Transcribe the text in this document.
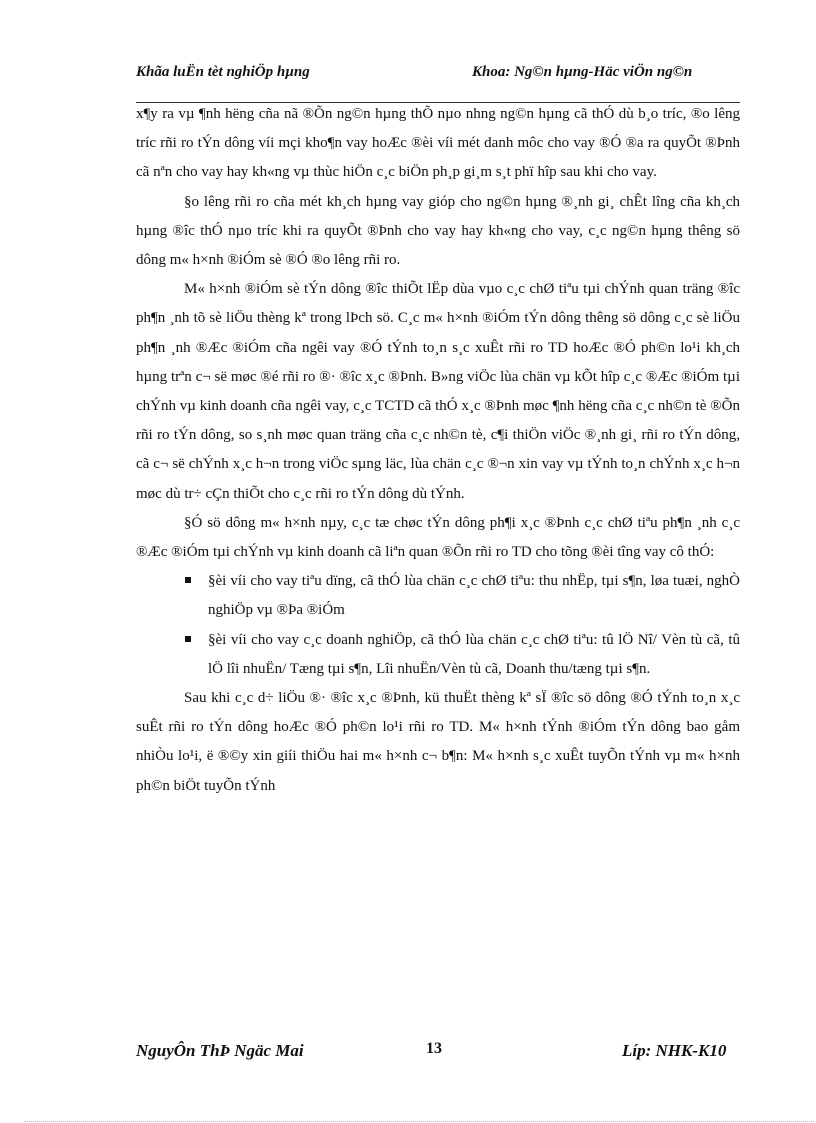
Khãa luËn tèt nghiÖp hµng	Khoa: Ng©n hµng-Häc viÖn ng©n

x¶y ra vµ ¶nh hëng cña nã ®Õn ng©n hµng thÕ nµo nhng ng©n hµng cã thÓ dù b¸o tríc, ®o lêng tríc rñi ro tÝn dông víi mçi kho¶n vay hoÆc ®èi víi mét danh môc cho vay ®Ó ®a ra quyÕt ®Þnh cã nªn cho vay hay kh«ng vµ thùc hiÖn c¸c biÖn ph¸p gi¸m s¸t phï hîp sau khi cho vay.

§o lêng rñi ro cña mét kh¸ch hµng vay gióp cho ng©n hµng ®¸nh gi¸ chÊt lîng cña kh¸ch hµng ®îc thÓ nµo tríc khi ra quyÕt ®Þnh cho vay hay kh«ng cho vay, c¸c ng©n hµng thêng sö dông m« h×nh ®iÓm sè ®Ó ®o lêng rñi ro.

M« h×nh ®iÓm sè tÝn dông ®îc thiÕt lËp dùa vµo c¸c chØ tiªu tµi chÝnh quan träng ®îc ph¶n ¸nh tõ sè liÖu thèng kª trong lÞch sö. C¸c m« h×nh ®iÓm tÝn dông thêng sö dông c¸c sè liÖu ph¶n ¸nh ®Æc ®iÓm cña ngêi vay ®Ó tÝnh to¸n s¸c xuÊt rñi ro TD hoÆc ®Ó ph©n lo¹i kh¸ch hµng trªn c¬ së møc ®é rñi ro ®· ®îc x¸c ®Þnh. B»ng viÖc lùa chän vµ kÕt hîp c¸c ®Æc ®iÓm tµi chÝnh vµ kinh doanh cña ngêi vay, c¸c TCTD cã thÓ x¸c ®Þnh møc ¶nh hëng cña c¸c nh©n tè ®Õn rñi ro tÝn dông, so s¸nh møc quan träng cña c¸c nh©n tè, c¶i thiÖn viÖc ®¸nh gi¸ rñi ro tÝn dông, cã c¬ së chÝnh x¸c h¬n trong viÖc sµng läc, lùa chän c¸c ®¬n xin vay vµ tÝnh to¸n chÝnh x¸c h¬n møc dù tr÷ cÇn thiÕt cho c¸c rñi ro tÝn dông dù tÝnh.

§Ó sö dông m« h×nh nµy, c¸c tæ chøc tÝn dông ph¶i x¸c ®Þnh c¸c chØ tiªu ph¶n ¸nh c¸c ®Æc ®iÓm tµi chÝnh vµ kinh doanh cã liªn quan ®Õn rñi ro TD cho tõng ®èi tîng vay cô thÓ:

§èi víi cho vay tiªu dïng, cã thÓ lùa chän c¸c chØ tiªu: thu nhËp, tµi s¶n, løa tuæi, nghÒ nghiÖp vµ ®Þa ®iÓm
§èi víi cho vay c¸c doanh nghiÖp, cã thÓ lùa chän c¸c chØ tiªu: tû lÖ Nî/ Vèn tù cã, tû lÖ lîi nhuËn/ Tæng tµi s¶n, Lîi nhuËn/Vèn tù cã, Doanh thu/tæng tµi s¶n.

Sau khi c¸c d÷ liÖu ®· ®îc x¸c ®Þnh, kü thuËt thèng kª sÏ ®îc sö dông ®Ó tÝnh to¸n x¸c suÊt rñi ro tÝn dông hoÆc ®Ó ph©n lo¹i rñi ro TD. M« h×nh tÝnh ®iÓm tÝn dông bao gåm nhiÒu lo¹i, ë ®©y xin giíi thiÖu hai m« h×nh c¬ b¶n: M« h×nh s¸c xuÊt tuyÕn tÝnh vµ m« h×nh ph©n biÖt tuyÕn tÝnh

NguyÔn ThÞ Ngäc Mai	13	Líp: NHK-K10
